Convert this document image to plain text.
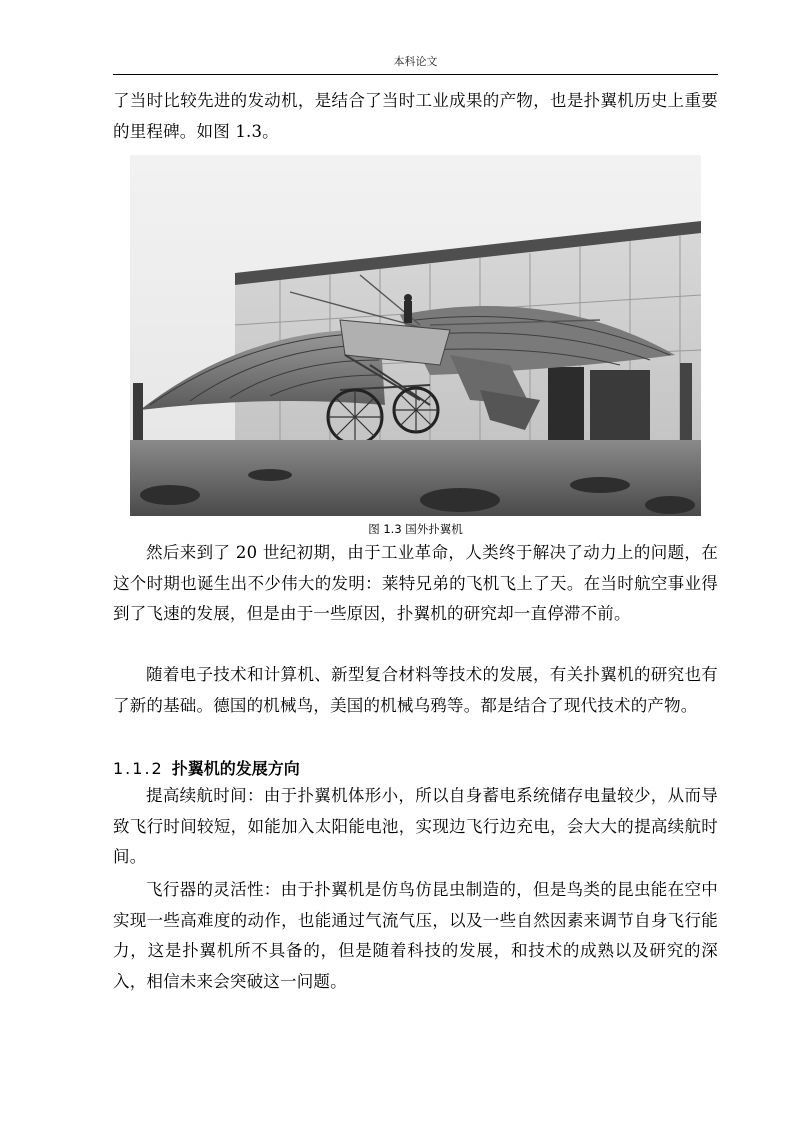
本科论文

了当时比较先进的发动机，是结合了当时工业成果的产物，也是扑翼机历史上重要的里程碑。如图 1.3。

图 1.3 国外扑翼机

然后来到了 20 世纪初期，由于工业革命，人类终于解决了动力上的问题，在这个时期也诞生出不少伟大的发明：莱特兄弟的飞机飞上了天。在当时航空事业得到了飞速的发展，但是由于一些原因，扑翼机的研究却一直停滞不前。

随着电子技术和计算机、新型复合材料等技术的发展，有关扑翼机的研究也有了新的基础。德国的机械鸟，美国的机械乌鸦等。都是结合了现代技术的产物。

1.1.2 扑翼机的发展方向

提高续航时间：由于扑翼机体形小，所以自身蓄电系统储存电量较少，从而导致飞行时间较短，如能加入太阳能电池，实现边飞行边充电，会大大的提高续航时间。

飞行器的灵活性：由于扑翼机是仿鸟仿昆虫制造的，但是鸟类的昆虫能在空中实现一些高难度的动作，也能通过气流气压，以及一些自然因素来调节自身飞行能力，这是扑翼机所不具备的，但是随着科技的发展，和技术的成熟以及研究的深入，相信未来会突破这一问题。
